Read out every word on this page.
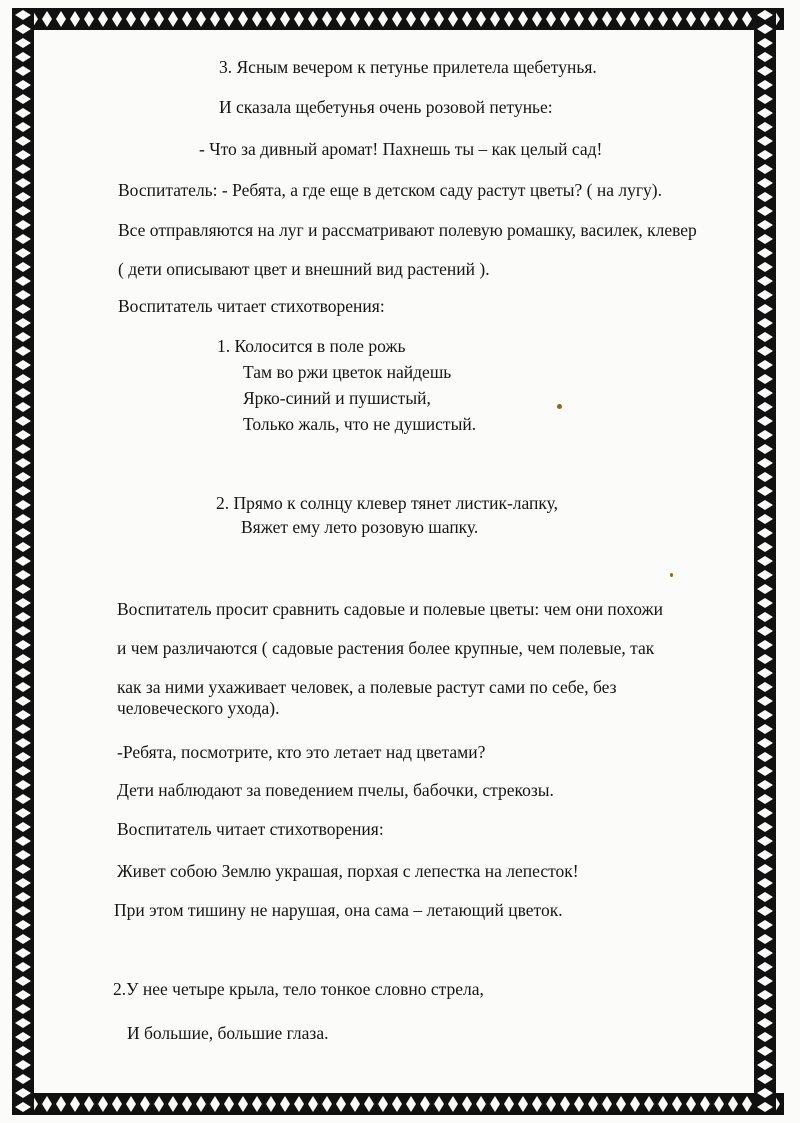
3. Ясным вечером к петунье прилетела щебетунья.
И сказала щебетунья очень розовой петунье:
- Что за дивный аромат! Пахнешь ты – как целый сад!
Воспитатель: - Ребята, а где еще в детском саду растут цветы? ( на лугу).
Все отправляются на луг и рассматривают полевую ромашку, василек, клевер
( дети описывают цвет и внешний вид растений ).
Воспитатель читает стихотворения:
1. Колосится в поле рожь
Там во ржи цветок найдешь
Ярко-синий и пушистый,
Только жаль, что не душистый.
2. Прямо к солнцу клевер тянет листик-лапку,
Вяжет ему лето розовую шапку.
Воспитатель просит сравнить садовые и полевые цветы: чем они похожи
и чем различаются ( садовые растения более крупные, чем полевые, так
как за ними ухаживает человек, а полевые растут сами по себе, без
человеческого ухода).
-Ребята, посмотрите, кто это летает над цветами?
Дети наблюдают за поведением пчелы, бабочки, стрекозы.
Воспитатель читает стихотворения:
Живет собою Землю украшая, порхая с лепестка на лепесток!
При этом тишину не нарушая, она сама – летающий цветок.
2.У нее четыре крыла, тело тонкое словно стрела,
И большие, большие глаза.
